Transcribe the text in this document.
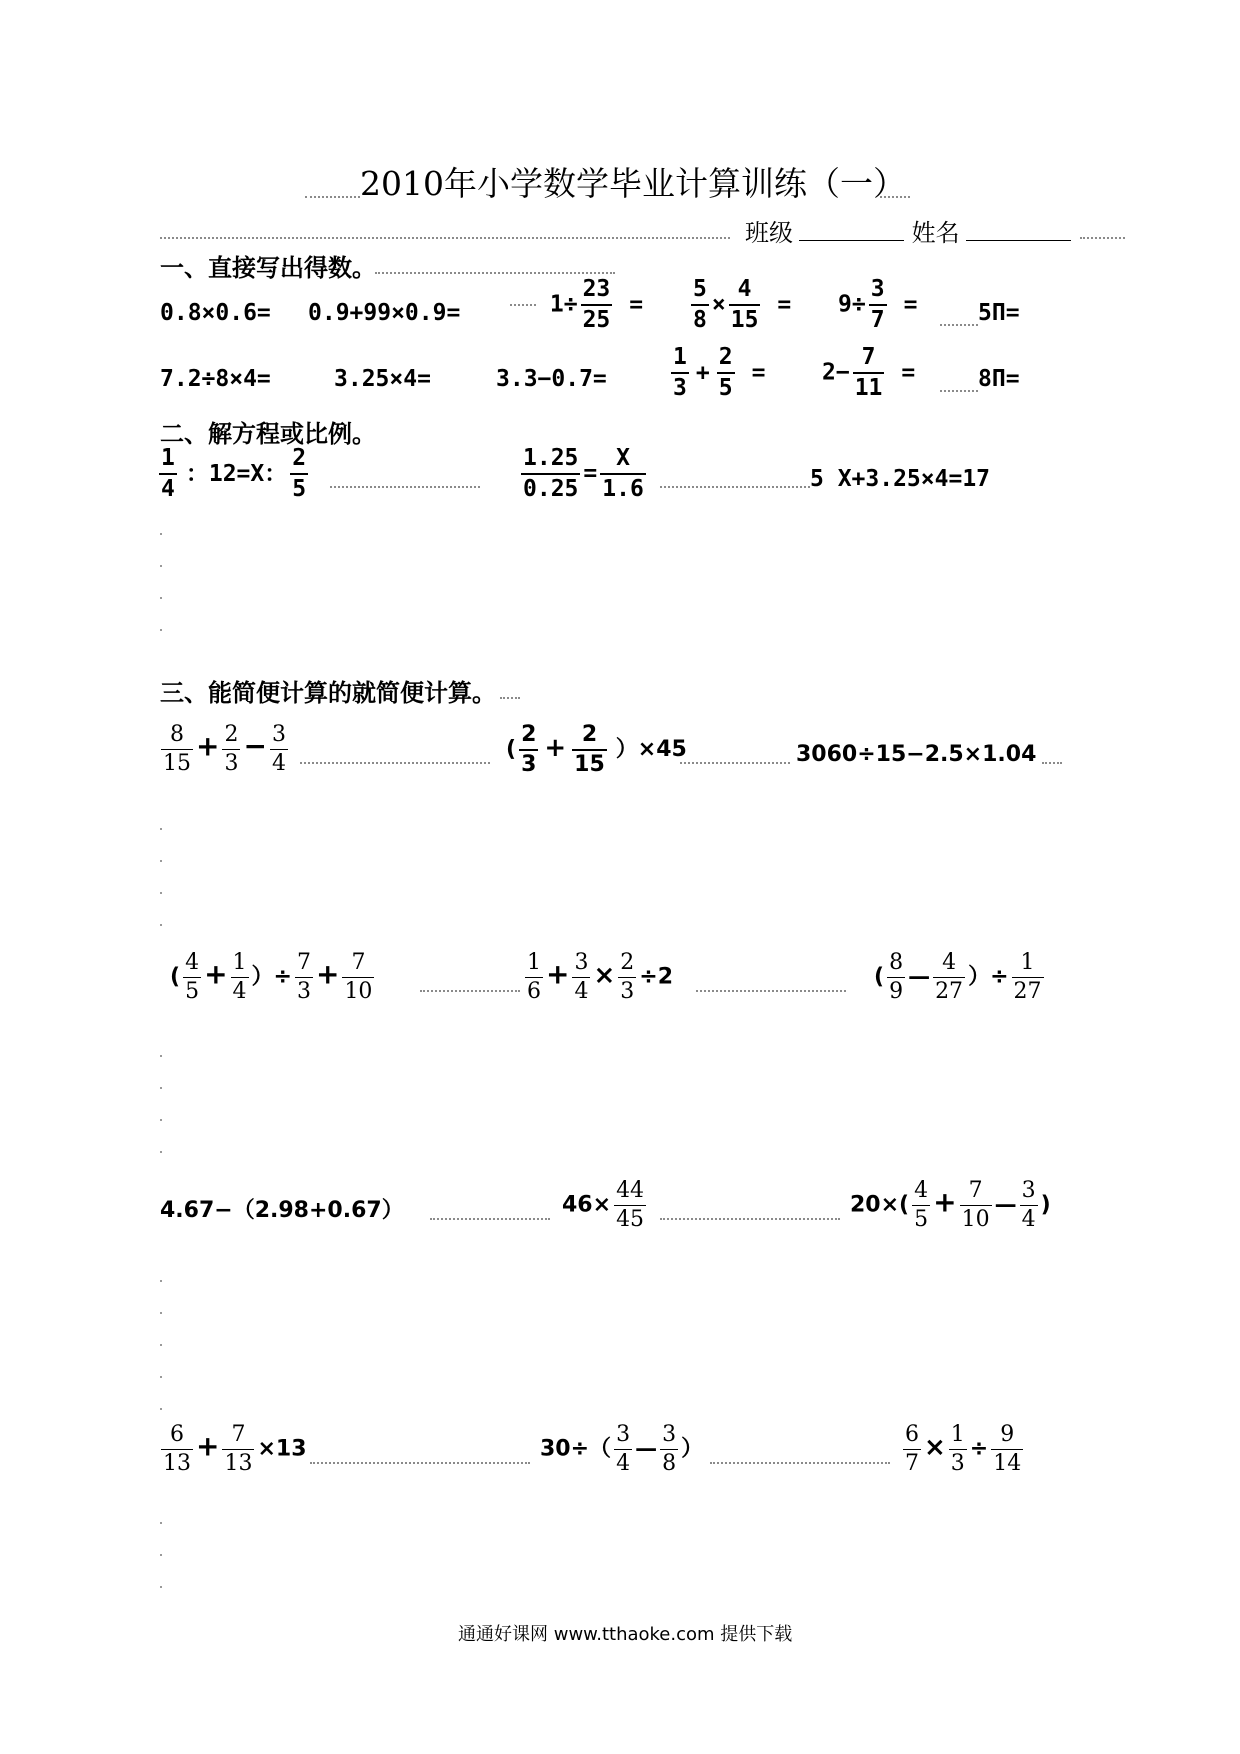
2010年小学数学毕业计算训练（一）
班级	姓名
一、直接写出得数。
0.8×0.6= 0.9+99×0.9=	$1\div \frac{23}{25} = \frac{5}{8} \times \frac{4}{15} = 9\div \frac{3}{7}$ =	5Π=
7.2÷8×4=	3.25×4=	3.3−0.7=	$\frac{1}{3} + \frac{2}{5} = 2- \frac{7}{11}$ =	8Π=
二、解方程或比例。
$\frac{1}{4}$ ：12=X： $\frac{2}{5}$	$\frac{1.25}{0.25} = \frac{X}{1.6}$	5 X+3.25×4=17
三、能简便计算的就简便计算。
$\frac{8}{15} + \frac{2}{3} - \frac{3}{4}$	( $\frac{2}{3} + \frac{2}{15} )\times 45$	3060÷15−2.5×1.04
( $\frac{4}{5} + \frac{1}{4}$ ）÷ $\frac{7}{3} + \frac{7}{10}$	$\frac{1}{6} + \frac{3}{4} \times \frac{2}{3} \div 2$	( $\frac{8}{9}$ — $\frac{4}{27}$ ）÷ $\frac{1}{27}$
4.67−（2.98+0.67）	$46\times \frac{44}{45}$	$20\times( \frac{4}{5} + \frac{7}{10}$ — $\frac{3}{4}$ )
$\frac{6}{13} + \frac{7}{13} \times 13$	$30\div( \frac{3}{4}$ — $\frac{3}{8}$ ）	$\frac{6}{7} \times \frac{1}{3} \div \frac{9}{14}$
通通好课网 www.tthaoke.com 提供下载
